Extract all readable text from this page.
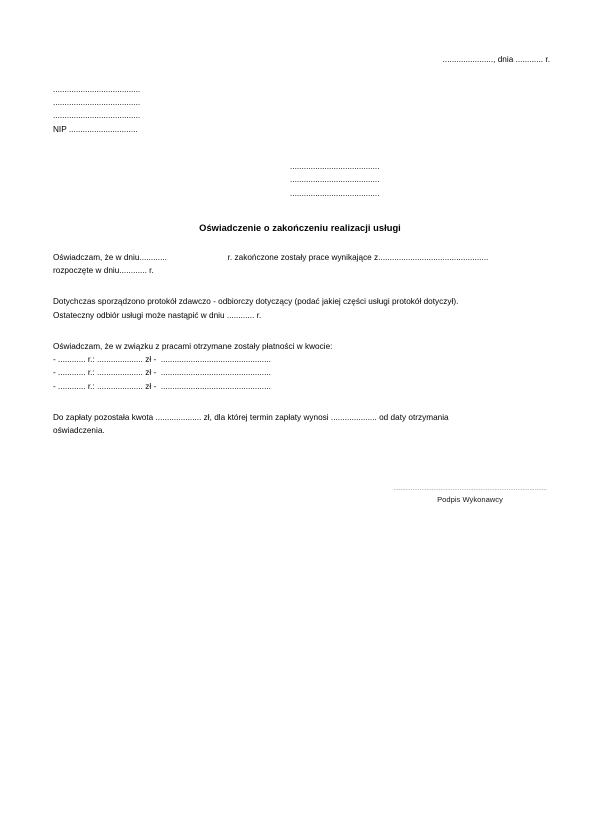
......................, dnia ............ r.
......................................
......................................
......................................
NIP ..............................
.......................................
.......................................
.......................................
Oświadczenie o zakończeniu realizacji usługi
Oświadczam, że w dniu ............	r. zakończone zostały prace wynikające z ................................................
rozpoczęte w dniu............ r.
Dotychczas sporządzono protokół zdawczo - odbiorczy dotyczący (podać jakiej części usługi protokół dotyczył).
Ostateczny odbiór usługi może nastąpić w dniu ............ r.
Oświadczam, że w związku z pracami otrzymane zostały płatności w kwocie:
- ............ r.: .................... zł -  ................................................
- ............ r.: .................... zł -  ................................................
- ............ r.: .................... zł -  ................................................
Do zapłaty pozostała kwota .................... zł, dla której termin zapłaty wynosi .................... od daty otrzymania
oświadczenia.
........................................................................................
Podpis Wykonawcy
